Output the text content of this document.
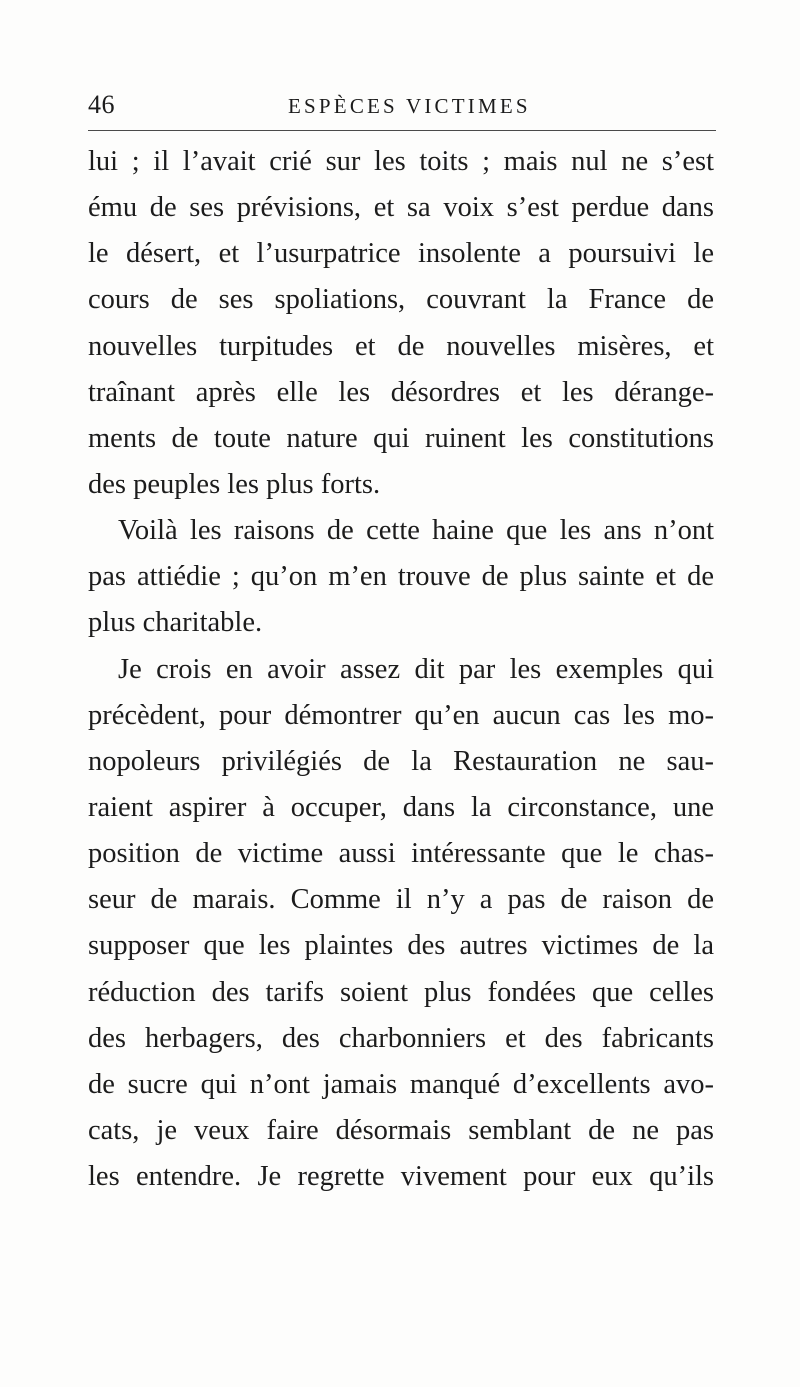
46	ESPÈCES VICTIMES
lui ; il l’avait crié sur les toits ; mais nul ne s’est
ému de ses prévisions, et sa voix s’est perdue dans
le désert, et l’usurpatrice insolente a poursuivi le
cours de ses spoliations, couvrant la France de
nouvelles turpitudes et de nouvelles misères, et
traînant après elle les désordres et les dérange-
ments de toute nature qui ruinent les constitutions
des peuples les plus forts.
Voilà les raisons de cette haine que les ans n’ont
pas attiédie ; qu’on m’en trouve de plus sainte et de
plus charitable.
Je crois en avoir assez dit par les exemples qui
précèdent, pour démontrer qu’en aucun cas les mo-
nopoleurs privilégiés de la Restauration ne sau-
raient aspirer à occuper, dans la circonstance, une
position de victime aussi intéressante que le chas-
seur de marais. Comme il n’y a pas de raison de
supposer que les plaintes des autres victimes de la
réduction des tarifs soient plus fondées que celles
des herbagers, des charbonniers et des fabricants
de sucre qui n’ont jamais manqué d’excellents avo-
cats, je veux faire désormais semblant de ne pas
les entendre. Je regrette vivement pour eux qu’ils
